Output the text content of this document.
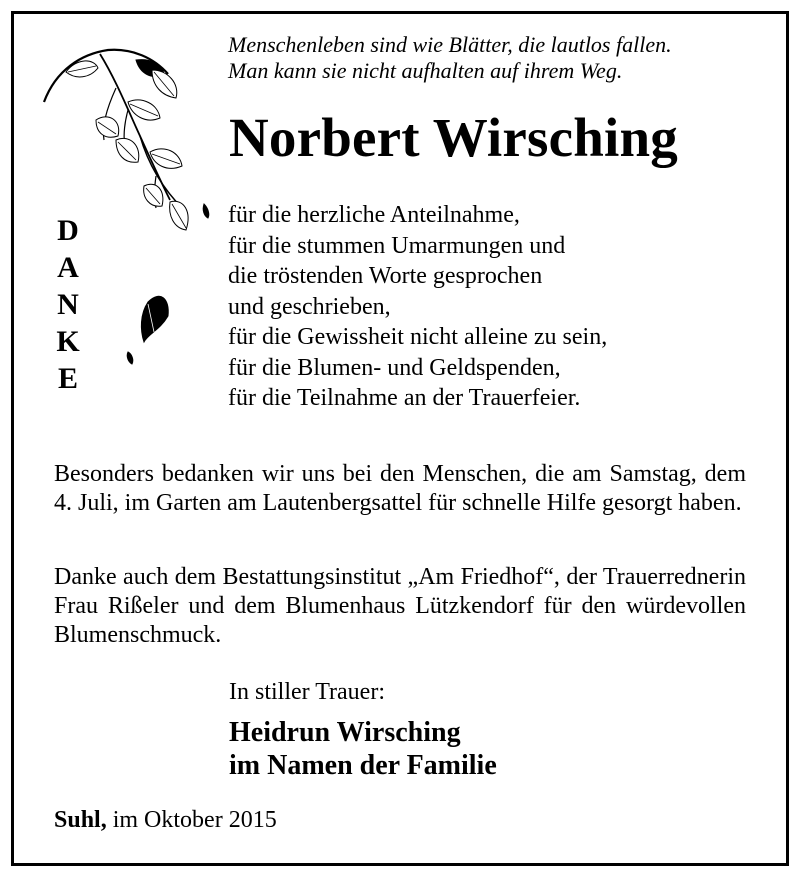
Menschenleben sind wie Blätter, die lautlos fallen.
Man kann sie nicht aufhalten auf ihrem Weg.
Norbert Wirsching
D
A
N
K
E
für die herzliche Anteilnahme,
für die stummen Umarmungen und
die tröstenden Worte gesprochen
und geschrieben,
für die Gewissheit nicht alleine zu sein,
für die Blumen- und Geldspenden,
für die Teilnahme an der Trauerfeier.
Besonders bedanken wir uns bei den Menschen, die am Samstag, dem 4. Juli, im Garten am Lautenbergsattel für schnelle Hilfe gesorgt haben.
Danke auch dem Bestattungsinstitut „Am Friedhof“, der Trauerrednerin Frau Rißeler und dem Blumenhaus Lützkendorf für den würdevollen Blumenschmuck.
In stiller Trauer:
Heidrun Wirsching
im Namen der Familie
Suhl, im Oktober 2015
